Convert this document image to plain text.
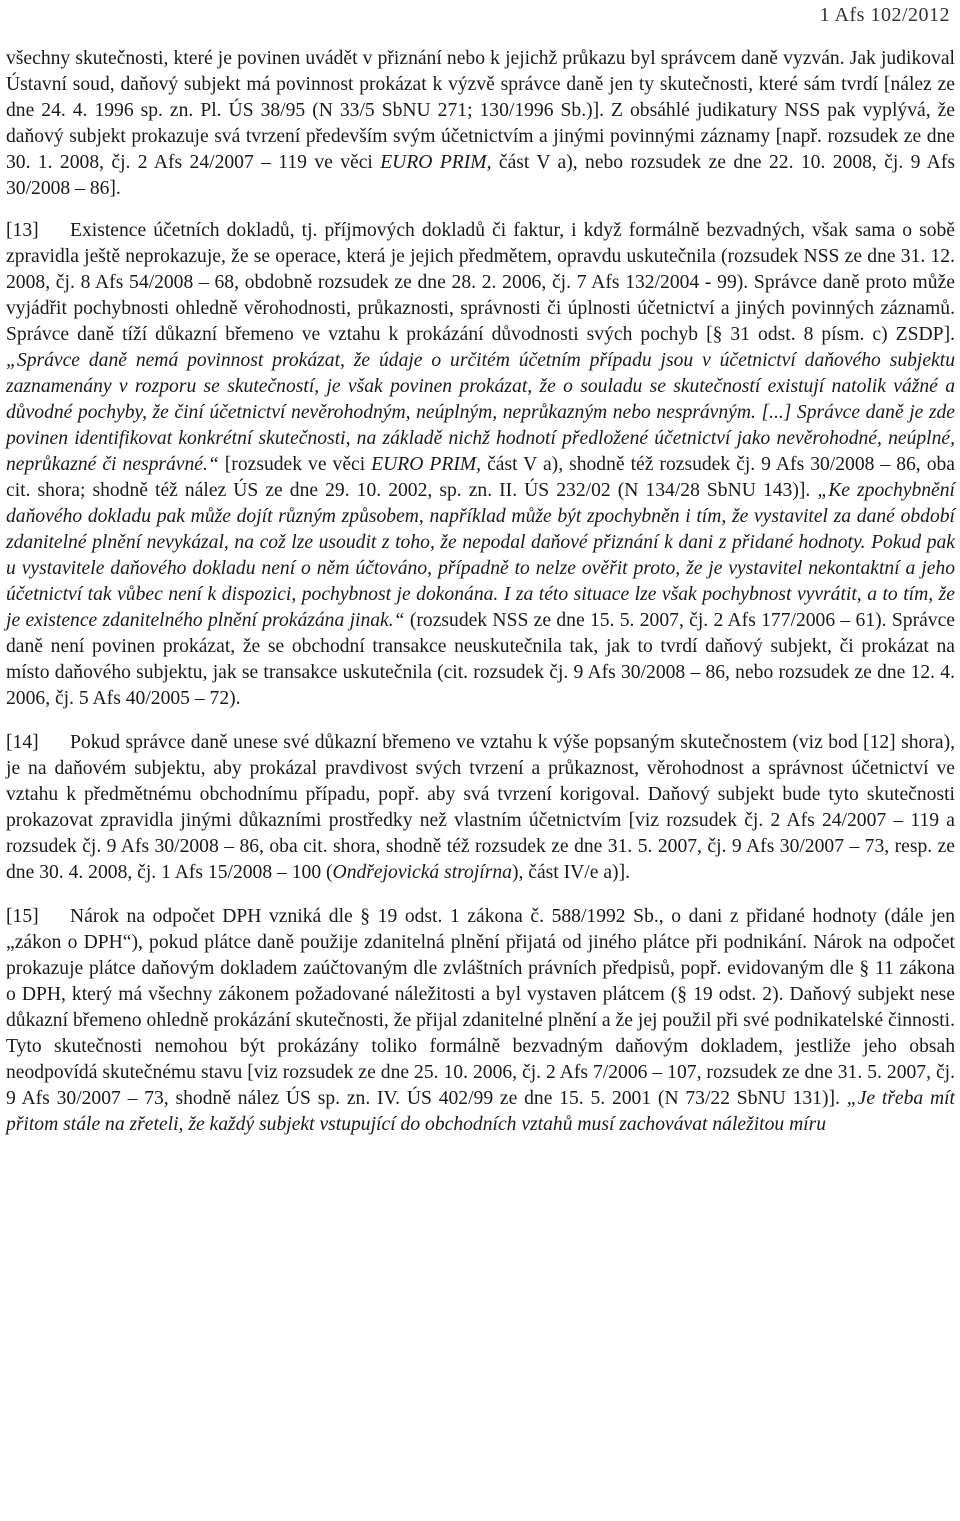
1 Afs 102/2012

všechny skutečnosti, které je povinen uvádět v přiznání nebo k jejichž průkazu byl správcem daně vyzván. Jak judikoval Ústavní soud, daňový subjekt má povinnost prokázat k výzvě správce daně jen ty skutečnosti, které sám tvrdí [nález ze dne 24. 4. 1996 sp. zn. Pl. ÚS 38/95 (N 33/5 SbNU 271; 130/1996 Sb.)]. Z obsáhlé judikatury NSS pak vyplývá, že daňový subjekt prokazuje svá tvrzení především svým účetnictvím a jinými povinnými záznamy [např. rozsudek ze dne 30. 1. 2008, čj. 2 Afs 24/2007 – 119 ve věci EURO PRIM, část V a), nebo rozsudek ze dne 22. 10. 2008, čj. 9 Afs 30/2008 – 86].

[13] Existence účetních dokladů, tj. příjmových dokladů či faktur, i když formálně bezvadných, však sama o sobě zpravidla ještě neprokazuje, že se operace, která je jejich předmětem, opravdu uskutečnila (rozsudek NSS ze dne 31. 12. 2008, čj. 8 Afs 54/2008 – 68, obdobně rozsudek ze dne 28. 2. 2006, čj. 7 Afs 132/2004 - 99). Správce daně proto může vyjádřit pochybnosti ohledně věrohodnosti, průkaznosti, správnosti či úplnosti účetnictví a jiných povinných záznamů. Správce daně tíží důkazní břemeno ve vztahu k prokázání důvodnosti svých pochyb [§ 31 odst. 8 písm. c) ZSDP]. „Správce daně nemá povinnost prokázat, že údaje o určitém účetním případu jsou v účetnictví daňového subjektu zaznamenány v rozporu se skutečností, je však povinen prokázat, že o souladu se skutečností existují natolik vážné a důvodné pochyby, že činí účetnictví nevěrohodným, neúplným, neprůkazným nebo nesprávným. [...] Správce daně je zde povinen identifikovat konkrétní skutečnosti, na základě nichž hodnotí předložené účetnictví jako nevěrohodné, neúplné, neprůkazné či nesprávné.“ [rozsudek ve věci EURO PRIM, část V a), shodně též rozsudek čj. 9 Afs 30/2008 – 86, oba cit. shora; shodně též nález ÚS ze dne 29. 10. 2002, sp. zn. II. ÚS 232/02 (N 134/28 SbNU 143)]. „Ke zpochybnění daňového dokladu pak může dojít různým způsobem, například může být zpochybněn i tím, že vystavitel za dané období zdanitelné plnění nevykázal, na což lze usoudit z toho, že nepodal daňové přiznání k dani z přidané hodnoty. Pokud pak u vystavitele daňového dokladu není o něm účtováno, případně to nelze ověřit proto, že je vystavitel nekontaktní a jeho účetnictví tak vůbec není k dispozici, pochybnost je dokonána. I za této situace lze však pochybnost vyvrátit, a to tím, že je existence zdanitelného plnění prokázána jinak.“ (rozsudek NSS ze dne 15. 5. 2007, čj. 2 Afs 177/2006 – 61). Správce daně není povinen prokázat, že se obchodní transakce neuskutečnila tak, jak to tvrdí daňový subjekt, či prokázat na místo daňového subjektu, jak se transakce uskutečnila (cit. rozsudek čj. 9 Afs 30/2008 – 86, nebo rozsudek ze dne 12. 4. 2006, čj. 5 Afs 40/2005 – 72).

[14] Pokud správce daně unese své důkazní břemeno ve vztahu k výše popsaným skutečnostem (viz bod [12] shora), je na daňovém subjektu, aby prokázal pravdivost svých tvrzení a průkaznost, věrohodnost a správnost účetnictví ve vztahu k předmětnému obchodnímu případu, popř. aby svá tvrzení korigoval. Daňový subjekt bude tyto skutečnosti prokazovat zpravidla jinými důkazními prostředky než vlastním účetnictvím [viz rozsudek čj. 2 Afs 24/2007 – 119 a rozsudek čj. 9 Afs 30/2008 – 86, oba cit. shora, shodně též rozsudek ze dne 31. 5. 2007, čj. 9 Afs 30/2007 – 73, resp. ze dne 30. 4. 2008, čj. 1 Afs 15/2008 – 100 (Ondřejovická strojírna), část IV/e a)].

[15] Nárok na odpočet DPH vzniká dle § 19 odst. 1 zákona č. 588/1992 Sb., o dani z přidané hodnoty (dále jen „zákon o DPH“), pokud plátce daně použije zdanitelná plnění přijatá od jiného plátce při podnikání. Nárok na odpočet prokazuje plátce daňovým dokladem zaúčtovaným dle zvláštních právních předpisů, popř. evidovaným dle § 11 zákona o DPH, který má všechny zákonem požadované náležitosti a byl vystaven plátcem (§ 19 odst. 2). Daňový subjekt nese důkazní břemeno ohledně prokázání skutečnosti, že přijal zdanitelné plnění a že jej použil při své podnikatelské činnosti. Tyto skutečnosti nemohou být prokázány toliko formálně bezvadným daňovým dokladem, jestliže jeho obsah neodpovídá skutečnému stavu [viz rozsudek ze dne 25. 10. 2006, čj. 2 Afs 7/2006 – 107, rozsudek ze dne 31. 5. 2007, čj. 9 Afs 30/2007 – 73, shodně nález ÚS sp. zn. IV. ÚS 402/99 ze dne 15. 5. 2001 (N 73/22 SbNU 131)]. „Je třeba mít přitom stále na zřeteli, že každý subjekt vstupující do obchodních vztahů musí zachovávat náležitou míru
